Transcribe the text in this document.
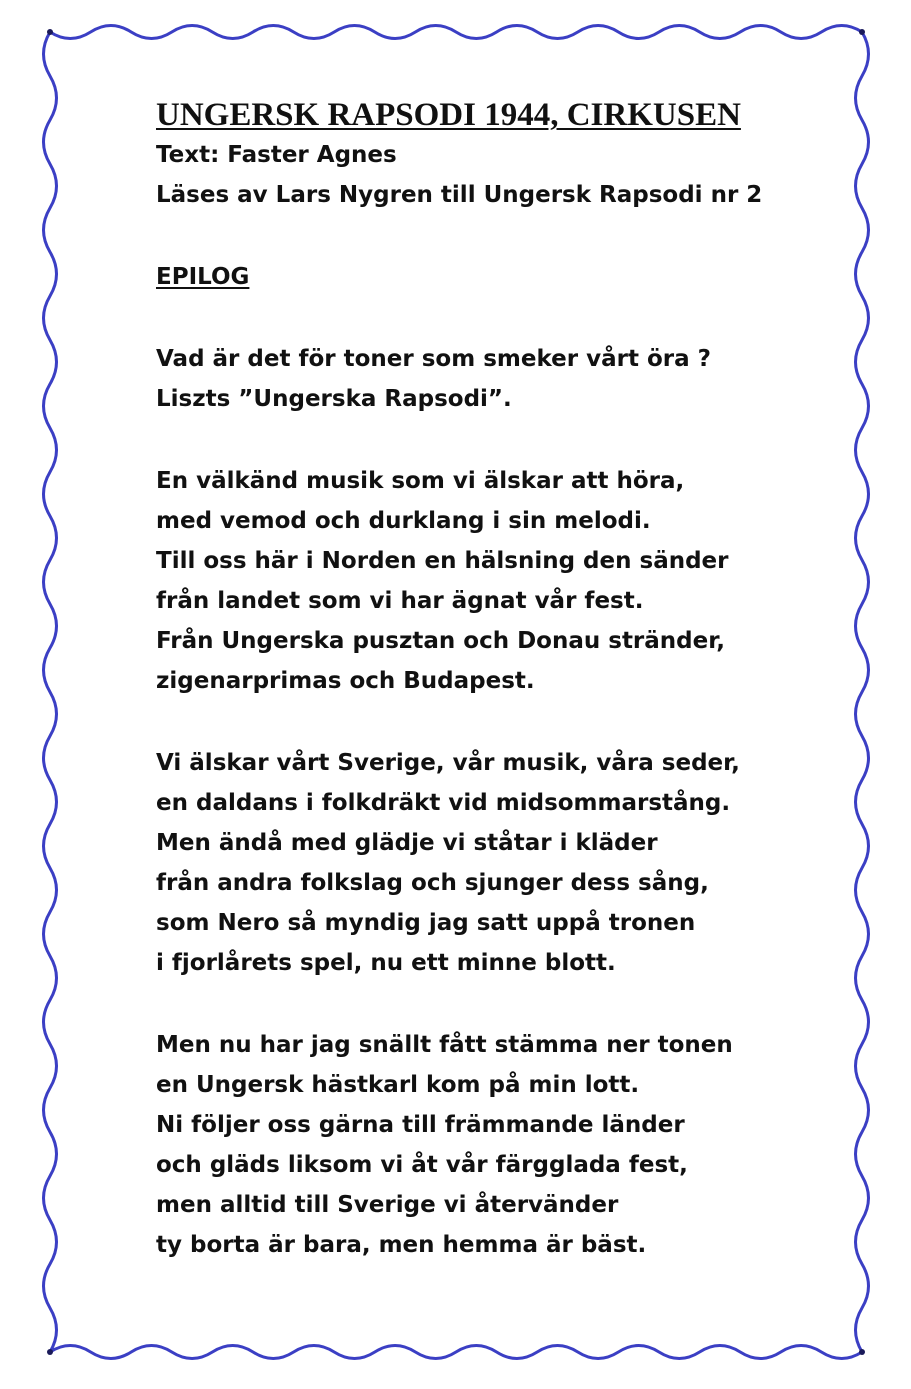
UNGERSK RAPSODI 1944, CIRKUSEN

Text: Faster Agnes

Läses av Lars Nygren till Ungersk Rapsodi nr 2

EPILOG

Vad är det för toner som smeker vårt öra ?

Liszts ”Ungerska Rapsodi”.

En välkänd musik som vi älskar att höra,

med vemod och durklang i sin melodi.

Till oss här i Norden en hälsning den sänder

från landet som vi har ägnat vår fest.

Från Ungerska pusztan och Donau stränder,

zigenarprimas och Budapest.

Vi älskar vårt Sverige, vår musik, våra seder,

en daldans i folkdräkt vid midsommarstång.

Men ändå med glädje vi ståtar i kläder

från andra folkslag och sjunger dess sång,

som Nero så myndig jag satt uppå tronen

i fjorlårets spel, nu ett minne blott.

Men nu har jag snällt fått stämma ner tonen

en Ungersk hästkarl kom på min lott.

Ni följer oss gärna till främmande länder

och gläds liksom vi åt vår färgglada fest,

men alltid till Sverige vi återvänder

ty borta är bara, men hemma är bäst.
